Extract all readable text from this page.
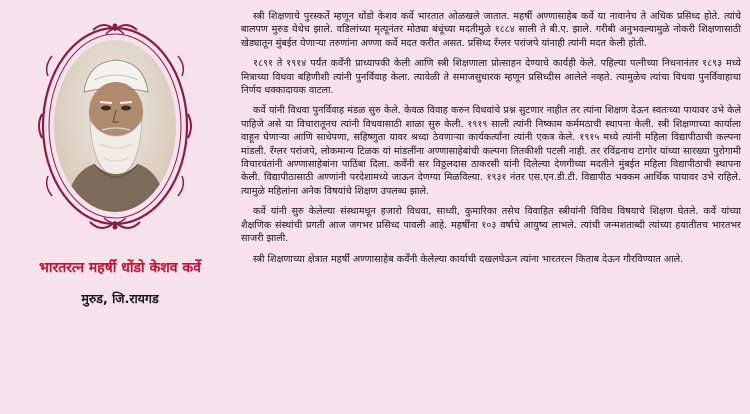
भारतरत्न महर्षी धोंडो केशव कर्वे
मुरुड, जि.रायगड

स्त्री शिक्षणाचे पुरस्कर्ते म्हणून धोंडो केशव कर्वे भारतात ओळखले जातात. महर्षी अण्णासाहेब कर्वे या नावानेच ते अधिक प्रसिध्द होते. त्यांचे बालपण मुरुड येथेच झाले. वडिलांच्या मृत्यूनंतर मोठ्या बंधूंच्या मदतीमुळे १८८४ साली ते बी.ए. झाले. गरीबी अनुभवल्यामुळे नोकरी शिक्षणासाठी खेड्यातून मुंबईत येणाऱ्या तरुणांना अण्णा कर्वे मदत करीत असत. प्रसिध्द रँग्लर परांजपे यांनाही त्यांनी मदत केली होती.

१८९१ ते १९१४ पर्यंत कर्वेंनी प्राध्यापकी केली आणि स्त्री शिक्षणाला प्रोत्साहन देण्याचे कार्यही केले. पहिल्या पत्नीच्या निधनानंतर १८९३ मध्ये मित्राच्या विधवा बहिणीशी त्यांनी पुनर्विवाह केला. त्यावेळी ते समाजसुधारक म्हणून प्रसिध्दीस आलेले नव्हते. त्यामुळेच त्यांचा विधवा पुनर्विवाहाचा निर्णय धक्कादायक वाटला.

कर्वे यांनी विधवा पुनर्विवाह मंडळ सुरु केले. केवळ विवाह करुन विधवांचे प्रश्न सुटणार नाहीत तर त्यांना शिक्षण देऊन स्वतःच्या पायावर उभे केले पाहिजे असे या विचारातूनच त्यांनी विधवासाठी शाळा सुरु केली. १९१९ साली त्यांनी निष्काम कर्ममठाची स्थापना केली. स्त्री शिक्षणाच्या कार्याला वाहून घेणाऱ्या आणि साधेपणा, सहिष्णुता यावर श्रध्दा ठेवणाऱ्या कार्यकर्त्यांना त्यांनी एकत्र केले. १९१५ मध्ये त्यांनी महिला विद्यापीठाची कल्पना मांडली. रँग्लर परांजपे, लोकमान्य टिळक यां मांडलींना अण्णासाहेबांची कल्पना तितकीशी पटली नाही. तर रविंद्रनाथ टागोर यांच्या सारख्या पुरोगामी विचारवंतांनी अण्णासाहेबांना पाठिंबा दिला. कर्वेंनी सर विठ्ठलदास ठाकरसी यांनी दिलेल्या देणगीच्या मदतीने मुंबईत महिला विद्यापीठाची स्थापना केली. विद्यापीठासाठी अण्णांनी परदेशामध्ये जाऊन देणग्या मिळविल्या. १९३१ नंतर एस.एन.डी.टी. विद्यापीठ भक्कम आर्थिक पायावर उभे राहिले. त्यामुळे महिलांना अनेक विषयांचे शिक्षण उपलब्ध झाले.

कर्वे यांनी सुरु केलेल्या संस्थामधून हजारो विधवा, साध्वी, कुमारिका तसेच विवाहित स्त्रीयांनी विविध विषयाचे शिक्षण घेतले. कर्वे यांच्या शैक्षणिक संस्थांची प्रगती आज जगभर प्रसिध्द पावली आहे. महर्षींना १०३ वर्षाचे आयुष्य लाभले. त्यांची जन्मशताब्दी त्यांच्या हयातीतच भारतभर साजरी झाली.

स्त्री शिक्षणाच्या क्षेत्रात महर्षी अण्णासाहेब कर्वेंनी केलेल्या कार्याची दखलघेऊन त्यांना भारतरत्न किताब देऊन गौरविण्यात आले.
